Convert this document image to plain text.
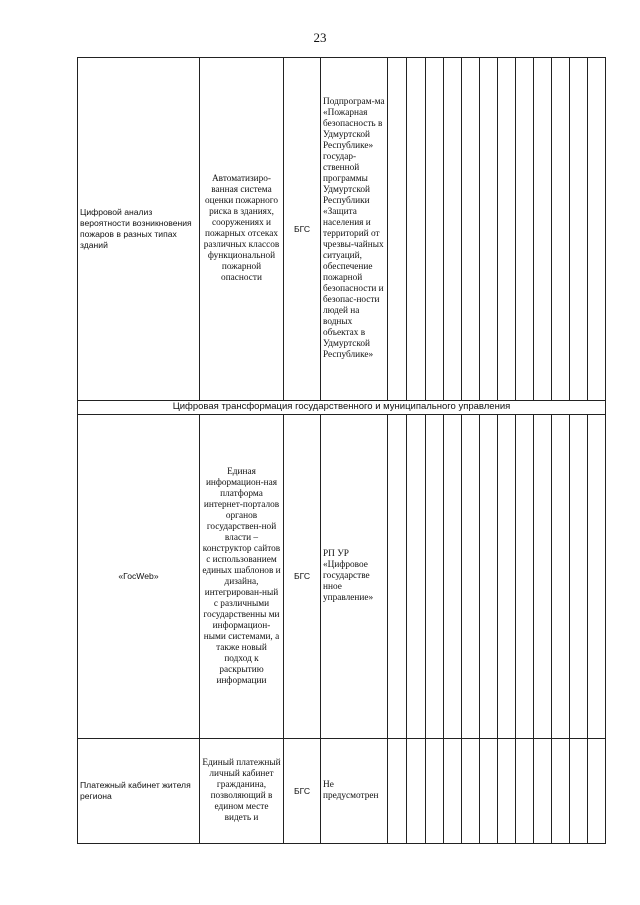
23
Цифровой анализ вероятности возникновения пожаров в разных типах зданий	Автоматизиро-ванная система оценки пожарного риска в зданиях, сооружениях и пожарных отсеках различных классов функциональной пожарной опасности	БГС	Подпрограм-ма «Пожарная безопасность в Удмуртской Республике» государ-ственной программы Удмуртской Республики «Защита населения и территорий от чрезвы-чайных ситуаций, обеспечение пожарной безопасности и безопас-ности людей на водных объектах в Удмуртской Республике»												
Цифровая трансформация государственного и муниципального управления															
«ГосWeb»	Единая информацион-ная платформа интернет-порталов органов государствен-ной власти – конструктор сайтов с использованием единых шаблонов и дизайна, интегрирован-ный с различными государственны ми информацион-ными системами, а также новый подход к раскрытию информации	БГС	РП УР «Цифровое государстве нное управление»												
Платежный кабинет жителя региона	Единый платежный личный кабинет гражданина, позволяющий в едином месте видеть и	БГС	Не предусмотрен												
